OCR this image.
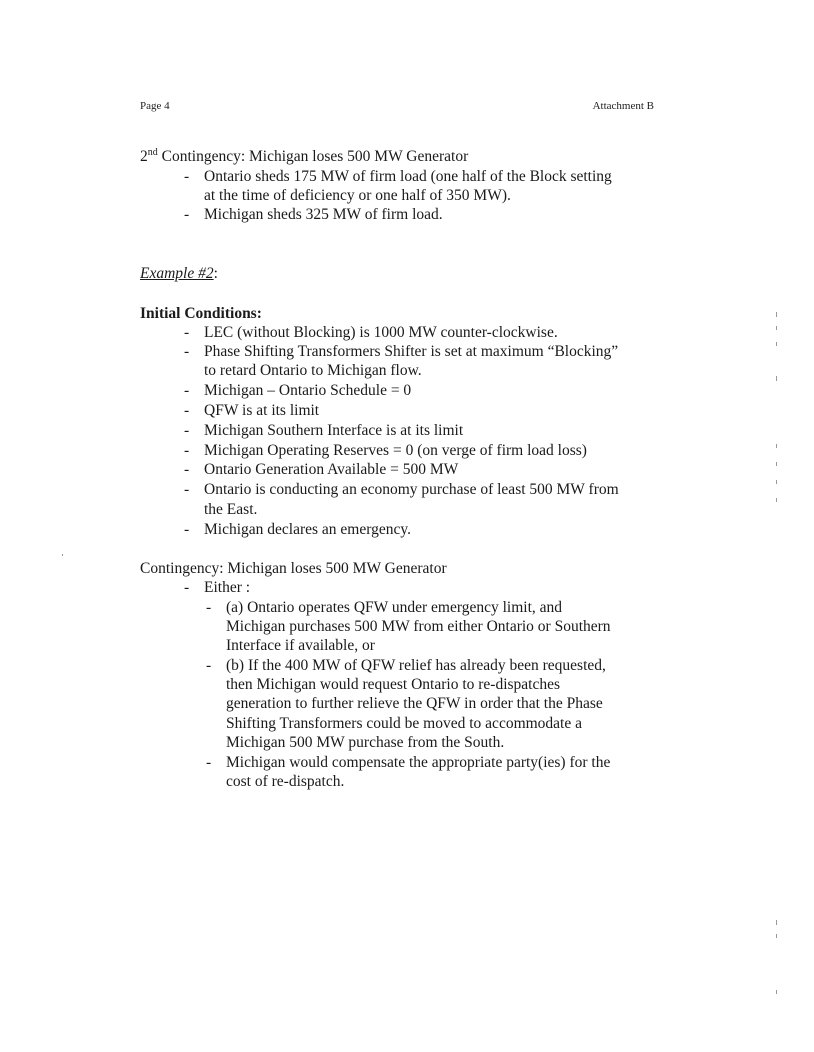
Page 4	Attachment B
2nd Contingency: Michigan loses 500 MW Generator
- Ontario sheds 175 MW of firm load (one half of the Block setting
at the time of deficiency or one half of 350 MW).
- Michigan sheds 325 MW of firm load.
Example #2:
Initial Conditions:
- LEC (without Blocking) is 1000 MW counter-clockwise.
- Phase Shifting Transformers Shifter is set at maximum “Blocking”
to retard Ontario to Michigan flow.
- Michigan – Ontario Schedule = 0
- QFW is at its limit
- Michigan Southern Interface is at its limit
- Michigan Operating Reserves = 0 (on verge of firm load loss)
- Ontario Generation Available = 500 MW
- Ontario is conducting an economy purchase of least 500 MW from
the East.
- Michigan declares an emergency.
Contingency: Michigan loses 500 MW Generator
- Either :
- (a) Ontario operates QFW under emergency limit, and
Michigan purchases 500 MW from either Ontario or Southern
Interface if available, or
- (b) If the 400 MW of QFW relief has already been requested,
then Michigan would request Ontario to re-dispatches
generation to further relieve the QFW in order that the Phase
Shifting Transformers could be moved to accommodate a
Michigan 500 MW purchase from the South.
- Michigan would compensate the appropriate party(ies) for the
cost of re-dispatch.
